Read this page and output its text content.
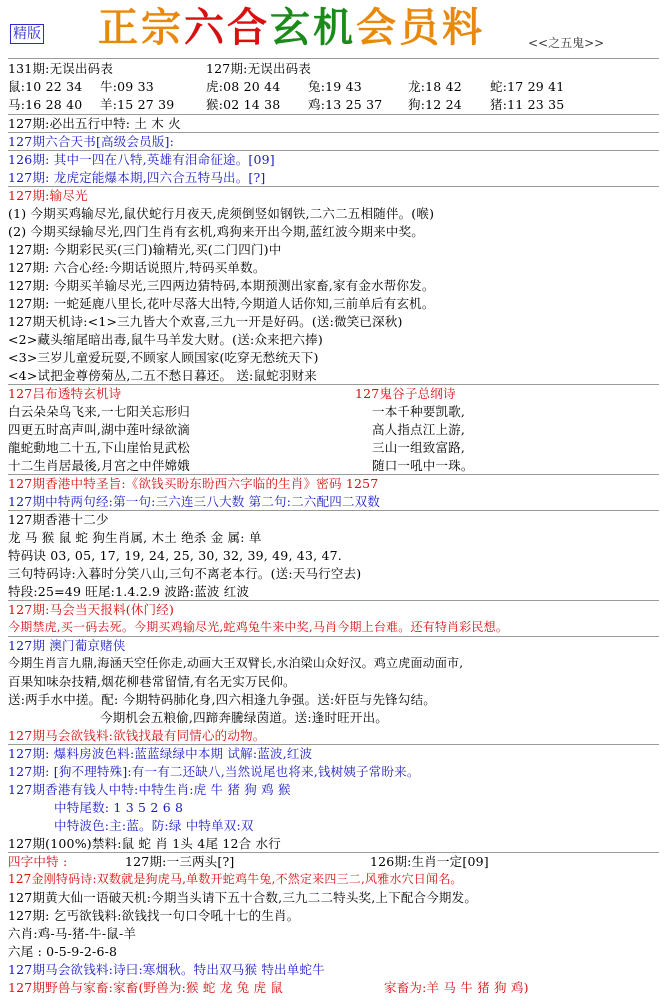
精版 正宗六合玄机会员料	<<之五鬼>>
131期:无误出码表	127期:无误出码表
鼠:10 22 34 牛:09 33	虎:08 20 44 兔:19 43	龙:18 42 蛇:17 29 41
马:16 28 40 羊:15 27 39	猴:02 14 38 鸡:13 25 37 狗:12 24 猪:11 23 35
127期:必出五行中特: 土 木 火
127期六合天书[高级会员版]:
126期: 其中一四在八特,英雄有泪命征途。[09]
127期: 龙虎定能爆本期,四六合五特马出。[?]
127期:输尽光
(1) 今期买鸡输尽光,鼠伏蛇行月夜天,虎须倒竖如钢铁,二六二五相随伴。(喉)
(2) 今期买绿输尽光,四门生肖有玄机,鸡狗来开出今期,蓝红波今期来中奖。
127期: 今期彩民买(三门)输精光,买(二门四门)中
127期: 六合心经:今期话说照片,特码买单数。
127期: 今期买羊输尽光,三四两边猜特码,本期预测出家畜,家有金水帮你发。
127期: 一蛇延鹿八里长,花叶尽落大出特,今期道人话你知,三前单后有玄机。
127期天机诗:<1>三九皆大个欢喜,三九一开是好码。(送:微笑已深秋)
<2>藏头缩尾暗出毒,鼠牛马羊发大财。(送:众来把六捧)
<3>三岁儿童爱玩耍,不顾家人顾国家(吃穿无愁统天下)
<4>试把金尊傍菊丛,二五不愁日暮还。 送:鼠蛇羽财来
127吕布透特玄机诗	127鬼谷子总纲诗
白云朵朵鸟飞来,一七阳关忘形归	一本千种要凯歌,
四更五时高声叫,湖中莲叶绿欲滴	高人指点江上游,
龍蛇動地二十五,下山崖怡見武松	三山一组致富路,
十二生肖居最後,月宮之中伴嫦娥	随口一吼中一珠。
127期香港中特圣旨:《欲钱买盼东盼西六字临的生肖》密码 1257
127期中特两句经:第一句:三六连三八大数 第二句:二六配四二双数
127期香港十二少
龙 马 猴 鼠 蛇 狗生肖属, 木土 绝杀 金 属: 单
特码诀 03, 05, 17, 19, 24, 25, 30, 32, 39, 49, 43, 47.
三句特码诗:入暮时分笑八山,三句不离老本行。(送:天马行空去)
特段:25=49 旺尾:1.4.2.9 波路:蓝波 红波
127期:马会当天报料(休门经)
今期禁虎,买一码去死。今期买鸡输尽光,蛇鸡兔牛来中奖,马肖今期上台难。还有特肖彩民想。
127期 澳门葡京赌侠
今期生肖言九鼎,海涵天空任你走,动画大王双臂长,水泊梁山众好汉。鸡立虎面动面市,
百果知味杂技精,烟花柳巷常留情,有名无实万民仰。
送:两手水中搓。配: 今期特码肺化身,四六相逢九争强。送:奸臣与先锋勾结。
今期机会五粮偷,四蹄奔騰绿茵道。送:逢时旺开出。
127期马会欲钱料:欲钱找最有同情心的动物。
127期: 爆料房波色料:蓝蓝绿绿中本期 试解:蓝波,红波
127期: [狗不理特殊]:有一有二还缺八,当然说尾也将来,钱树姨子常盼来。
127期香港有钱人中特:中特生肖:虎 牛 猪 狗 鸡 猴
中特尾数: 1 3 5 2 6 8
中特波色:主:蓝。防:绿 中特单双:双
127期(100%)禁料:鼠 蛇 肖 1头 4尾 12合 水行
四字中特 :	127期:一三两头[?]	126期:生肖一定[09]
127金刚特码诗:双数就是狗虎马,单数开蛇鸡牛兔,不然定来四三二,风雅水穴日闻名。
127期黄大仙一语破天机:今期当头请下五十合数,三九二二特头奖,上下配合今期发。
127期: 乞丐欲钱料:欲钱找一句口令吼十七的生肖。
六肖:鸡-马-猪-牛-鼠-羊
六尾 : 0-5-9-2-6-8
127期马会欲钱料:诗曰:寒烟秋。特出双马猴 特出单蛇牛
127期野兽与家畜:家畜(野兽为:猴 蛇 龙 兔 虎 鼠	家畜为:羊 马 牛 猪 狗 鸡)
